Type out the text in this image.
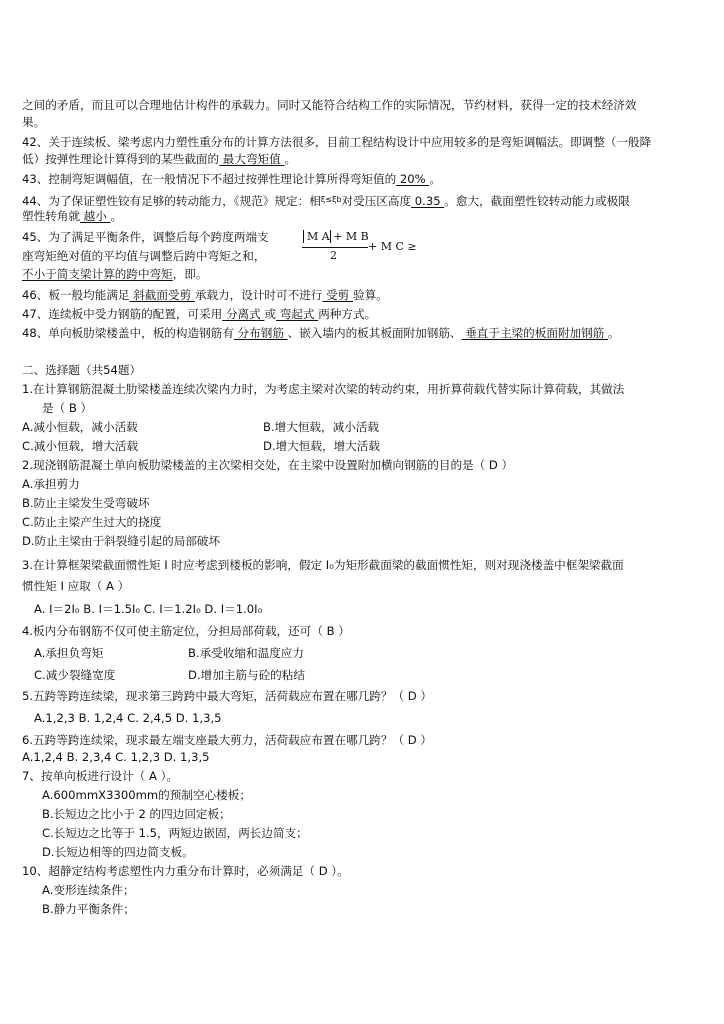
之间的矛盾，而且可以合理地估计构件的承载力。同时又能符合结构工作的实际情况，节约材料，获得一定的技术经济效
果。
42、关于连续板、梁考虑内力塑性重分布的计算方法很多，目前工程结构设计中应用较多的是弯矩调幅法。即调整（一般降
低）按弹性理论计算得到的某些截面的 最大弯矩值 。
43、控制弯矩调幅值，在一般情况下不超过按弹性理论计算所得弯矩值的 20% 。
44、为了保证塑性铰有足够的转动能力，《规范》规定：相$^{\xi\le\xi b}$对受压区高度 0.35 。愈大，截面塑性铰转动能力或极限
塑性转角就 越小 。
45、为了满足平衡条件，调整后每个跨度两端支
座弯矩绝对值的平均值与调整后跨中弯矩之和，
M A + M B
2
+ M C ≥
不小于简支梁计算的跨中弯矩，即。
46、板一般均能满足 斜截面受剪 承载力，设计时可不进行 受剪 验算。
47、连续板中受力钢筋的配置，可采用 分离式 或 弯起式 两种方式。
48、单向板肋梁楼盖中，板的构造钢筋有 分布钢筋 、嵌入墙内的板其板面附加钢筋、 垂直于主梁的板面附加钢筋 。
二、选择题（共54题）
1.在计算钢筋混凝土肋梁楼盖连续次梁内力时，为考虑主梁对次梁的转动约束，用折算荷载代替实际计算荷载，其做法
是（ B ）
A.减小恒载，减小活载	B.增大恒载，减小活载
C.减小恒载，增大活载	D.增大恒载，增大活载
2.现浇钢筋混凝土单向板肋梁楼盖的主次梁相交处，在主梁中设置附加横向钢筋的目的是（ D ）
A.承担剪力
B.防止主梁发生受弯破坏
C.防止主梁产生过大的挠度
D.防止主梁由于斜裂缝引起的局部破坏
3.在计算框架梁截面惯性矩 I 时应考虑到楼板的影响，假定 I₀为矩形截面梁的截面惯性矩，则对现浇楼盖中框架梁截面
惯性矩 I 应取（ A ）
A. I＝2I₀ B. I＝1.5I₀ C. I＝1.2I₀ D. I＝1.0I₀
4.板内分布钢筋不仅可使主筋定位，分担局部荷载，还可（ B ）
A.承担负弯矩	B.承受收缩和温度应力
C.减少裂缝宽度	D.增加主筋与砼的粘结
5.五跨等跨连续梁，现求第三跨跨中最大弯矩，活荷载应布置在哪几跨？（ D ）
A.1,2,3 B. 1,2,4 C. 2,4,5 D. 1,3,5
6.五跨等跨连续梁，现求最左端支座最大剪力，活荷载应布置在哪几跨？（ D ）
A.1,2,4 B. 2,3,4 C. 1,2,3 D. 1,3,5
7、按单向板进行设计（ A ）。
A.600mmX3300mm的预制空心楼板；
B.长短边之比小于 2 的四边回定板；
C.长短边之比等于 1.5，两短边嵌固，两长边简支；
D.长短边相等的四边简支板。
10、超静定结构考虑塑性内力重分布计算时，必须满足（ D ）。
A.变形连续条件；
B.静力平衡条件；
